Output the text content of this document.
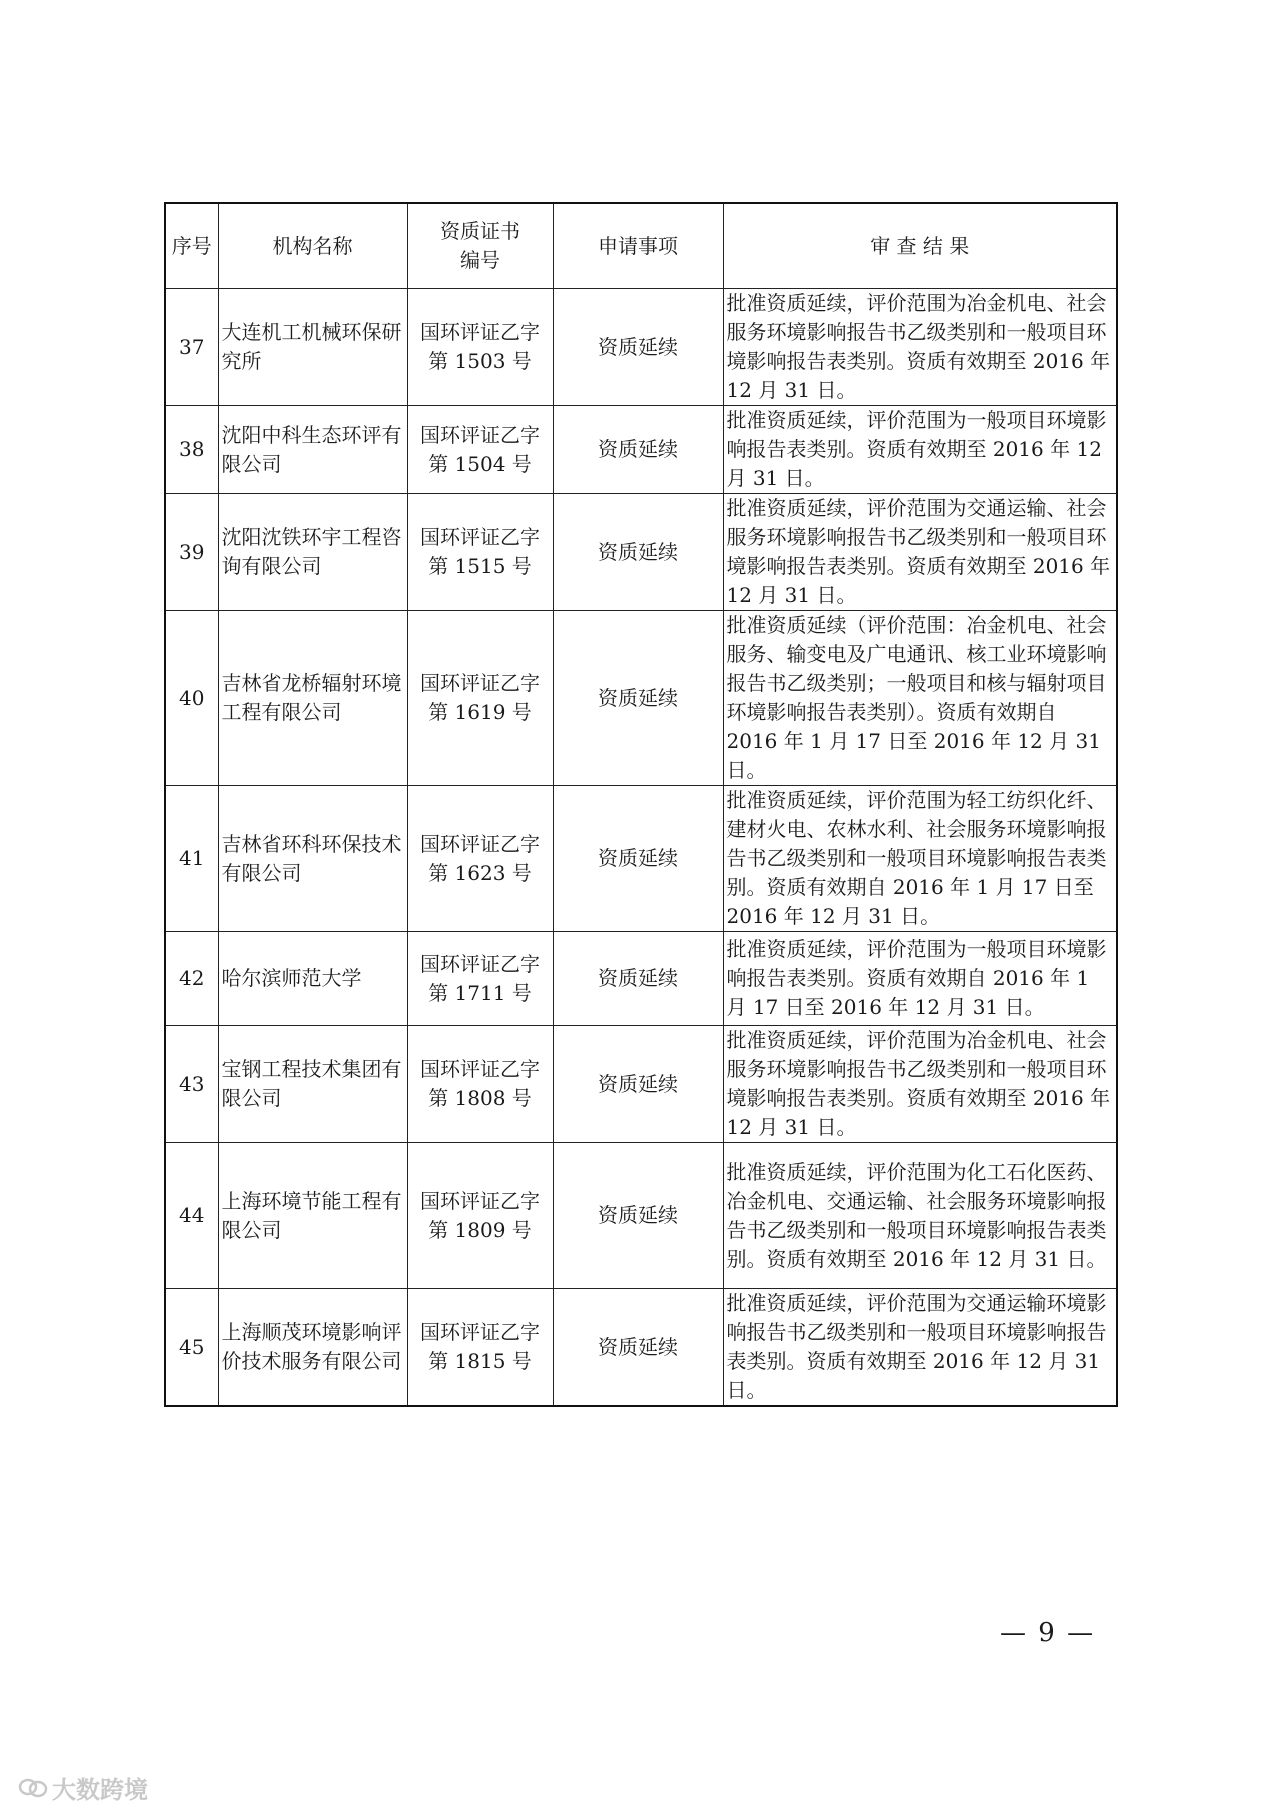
序号	机构名称	资质证书编号	申请事项	审 查 结 果
37	大连机工机械环保研究所	国环评证乙字第 1503 号	资质延续	批准资质延续，评价范围为冶金机电、社会服务环境影响报告书乙级类别和一般项目环境影响报告表类别。资质有效期至 2016 年 12 月 31 日。
38	沈阳中科生态环评有限公司	国环评证乙字第 1504 号	资质延续	批准资质延续，评价范围为一般项目环境影响报告表类别。资质有效期至 2016 年 12 月 31 日。
39	沈阳沈铁环宇工程咨询有限公司	国环评证乙字第 1515 号	资质延续	批准资质延续，评价范围为交通运输、社会服务环境影响报告书乙级类别和一般项目环境影响报告表类别。资质有效期至 2016 年 12 月 31 日。
40	吉林省龙桥辐射环境工程有限公司	国环评证乙字第 1619 号	资质延续	批准资质延续（评价范围：冶金机电、社会服务、输变电及广电通讯、核工业环境影响报告书乙级类别；一般项目和核与辐射项目环境影响报告表类别）。资质有效期自 2016 年 1 月 17 日至 2016 年 12 月 31 日。
41	吉林省环科环保技术有限公司	国环评证乙字第 1623 号	资质延续	批准资质延续，评价范围为轻工纺织化纤、建材火电、农林水利、社会服务环境影响报告书乙级类别和一般项目环境影响报告表类别。资质有效期自 2016 年 1 月 17 日至 2016 年 12 月 31 日。
42	哈尔滨师范大学	国环评证乙字第 1711 号	资质延续	批准资质延续，评价范围为一般项目环境影响报告表类别。资质有效期自 2016 年 1 月 17 日至 2016 年 12 月 31 日。
43	宝钢工程技术集团有限公司	国环评证乙字第 1808 号	资质延续	批准资质延续，评价范围为冶金机电、社会服务环境影响报告书乙级类别和一般项目环境影响报告表类别。资质有效期至 2016 年 12 月 31 日。
44	上海环境节能工程有限公司	国环评证乙字第 1809 号	资质延续	批准资质延续，评价范围为化工石化医药、冶金机电、交通运输、社会服务环境影响报告书乙级类别和一般项目环境影响报告表类别。资质有效期至 2016 年 12 月 31 日。
45	上海顺茂环境影响评价技术服务有限公司	国环评证乙字第 1815 号	资质延续	批准资质延续，评价范围为交通运输环境影响报告书乙级类别和一般项目环境影响报告表类别。资质有效期至 2016 年 12 月 31 日。
— 9 —
大数跨境
